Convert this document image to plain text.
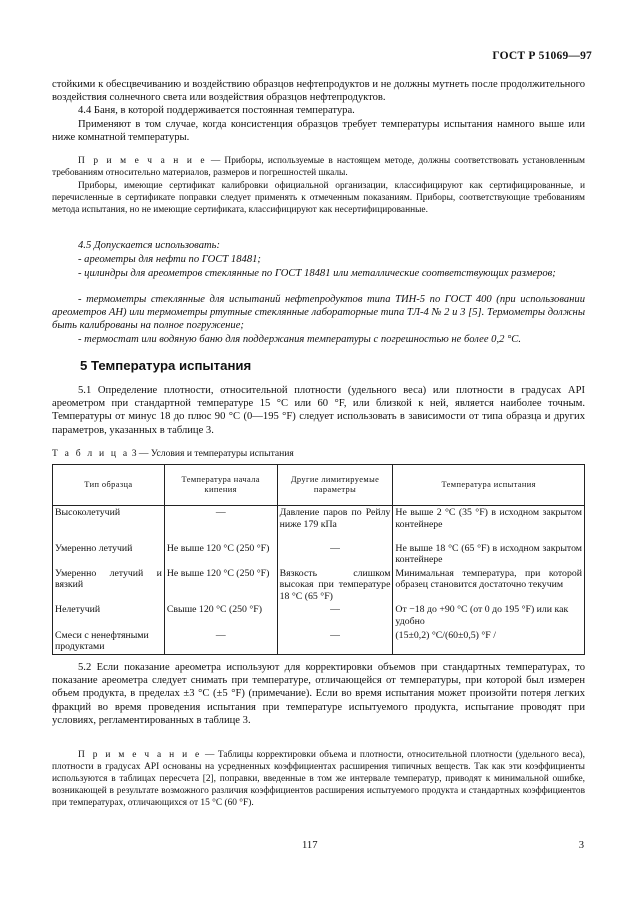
ГОСТ Р 51069—97
стойкими к обесцвечиванию и воздействию образцов нефтепродуктов и не должны мутнеть после продолжительного воздействия солнечного света или воздействия образцов нефтепродуктов.
4.4 Баня, в которой поддерживается постоянная температура.
Применяют в том случае, когда консистенция образцов требует температуры испытания намного выше или ниже комнатной температуры.
П р и м е ч а н и е — Приборы, используемые в настоящем методе, должны соответствовать установленным требованиям относительно материалов, размеров и погрешностей шкалы.
Приборы, имеющие сертификат калибровки официальной организации, классифицируют как сертифицированные, и перечисленные в сертификате поправки следует применять к отмеченным показаниям. Приборы, соответствующие требованиям метода испытания, но не имеющие сертификата, классифицируют как несертифицированные.
4.5 Допускается использовать:
- ареометры для нефти по ГОСТ 18481;
- цилиндры для ареометров стеклянные по ГОСТ 18481 или металлические соответствующих размеров;
- термометры стеклянные для испытаний нефтепродуктов типа ТИН-5 по ГОСТ 400 (при использовании ареометров АН) или термометры ртутные стеклянные лабораторные типа ТЛ-4 № 2 и 3 [5]. Термометры должны быть калиброваны на полное погружение;
- термостат или водяную баню для поддержания температуры с погрешностью не более 0,2 °С.
5 Температура испытания
5.1 Определение плотности, относительной плотности (удельного веса) или плотности в градусах API ареометром при стандартной температуре 15 °С или 60 °F, или близкой к ней, является наиболее точным. Температуры от минус 18 до плюс 90 °С (0—195 °F) следует использовать в зависимости от типа образца и других параметров, указанных в таблице 3.
Т а б л и ц а 3 — Условия и температуры испытания
Тип образца	Температура начала кипения	Другие лимитируемые параметры	Температура испытания
Высоколетучий	—	Давление паров по Рейлу ниже 179 кПа	Не выше 2 °С (35 °F) в исходном закрытом контейнере
Умеренно летучий	Не выше 120 °С (250 °F)	—	Не выше 18 °С (65 °F) в исходном закрытом контейнере
Умеренно летучий и вязкий	Не выше 120 °С (250 °F)	Вязкость слишком высокая при температуре 18 °С (65 °F)	Минимальная температура, при которой образец становится достаточно текучим
Нелетучий	Свыше 120 °С (250 °F)	—	От −18 до +90 °С (от 0 до 195 °F) или как удобно
Смеси с ненефтяными продуктами	—	—	(15±0,2) °С/(60±0,5) °F /
5.2 Если показание ареометра используют для корректировки объемов при стандартных температурах, то показание ареометра следует снимать при температуре, отличающейся от температуры, при которой был измерен объем продукта, в пределах ±3 °С (±5 °F) (примечание). Если во время испытания может произойти потеря легких фракций во время проведения испытания при температуре испытуемого продукта, испытание проводят при условиях, регламентированных в таблице 3.
П р и м е ч а н и е — Таблицы корректировки объема и плотности, относительной плотности (удельного веса), плотности в градусах API основаны на усредненных коэффициентах расширения типичных веществ. Так как эти коэффициенты используются в таблицах пересчета [2], поправки, введенные в том же интервале температур, приводят к минимальной ошибке, возникающей в результате возможного различия коэффициентов расширения испытуемого продукта и стандартных коэффициентов при температурах, отличающихся от 15 °С (60 °F).
117	3
